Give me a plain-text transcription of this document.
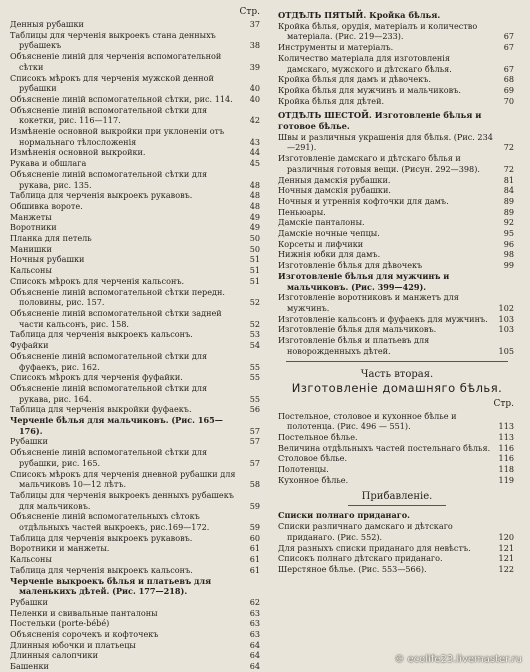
Стр.
Денныя рубашки	37
Таблицы для черченія выкроекъ стана денныхъ рубашекъ	38
Объясненіе линій для черченія вспомогательной сѣтки	39
Списокъ мѣрокъ для черченія мужской денной рубашки	40
Объясненіе линій вспомогательной сѣтки, рис. 114.	40
Объясненіе линій вспомогательной сѣтки для кокетки, рис. 116—117.	42
Измѣненіе основной выкройки при уклоненіи отъ нормальнаго тѣлосложенія	43
Измѣненія основной выкройки.	44
Рукава и обшлага	45
Объясненіе линій вспомогательной сѣтки для рукава, рис. 135.	48
Таблица для черченія выкроекъ рукавовъ.	48
Обшивка вороте.	48
Манжеты	49
Воротники	49
Планка для петель	50
Манишки	50
Ночныя рубашки	51
Кальсоны	51
Списокъ мѣрокъ для черченія кальсонъ.	51
Объясненіе линій вспомогательной сѣтки передн. половины, рис. 157.	52
Объясненіе линій вспомогательной сѣтки задней части кальсонъ, рис. 158.	52
Таблица для черченія выкроекъ кальсонъ.	53
Фуфайки	54
Объясненіе линій вспомогательной сѣтки для фуфаекъ, рис. 162.	55
Списокъ мѣрокъ для черченія фуфайки.	55
Объясненіе линій вспомогательной сѣтки для рукава, рис. 164.	55
Таблица для черченія выкройки фуфаекъ.	56
Черченіе бѣлья для мальчиковъ. (Рис. 165—176).	57
Рубашки	57
Объясненіе линій вспомогательной сѣтки для рубашки, рис. 165.	57
Списокъ мѣрокъ для черченія дневной рубашки для мальчиковъ 10—12 лѣтъ.	58
Таблицы для черченія выкроекъ денныхъ рубашекъ для мальчиковъ.	59
Объясненіе линій вспомогательныхъ сѣтокъ отдѣльныхъ частей выкроекъ, рис.169—172.	59
Таблица для черченія выкроекъ рукавовъ.	60
Воротники и манжеты.	61
Кальсоны	61
Таблица для черченія выкроекъ кальсонъ.	61
Черченіе выкроекъ бѣлья и платьевъ для маленькихъ дѣтей. (Рис. 177—218).
Рубашки	62
Пеленки и свивальные панталоны	63
Постельки (porte-bébé)	63
Объясненія сорочекъ и кофточекъ	63
Длинныя юбочки и платьецы	64
Длинныя салопчики	64
Башенки	64
ОТДѢЛЪ ПЯТЫЙ. Кройка бѣлья.
Кройка бѣлья, орудія, матеріалъ и количество матеріала. (Рис. 219—233).	67
Инструменты и матеріалъ.	67
Количество матеріала для изготовленія дамскаго, мужского и дѣтскаго бѣлья.	67
Кройка бѣлья для дамъ и дѣвочекъ.	68
Кройка бѣлья для мужчинъ и мальчиковъ.	69
Кройка бѣлья для дѣтей.	70
ОТДѢЛЪ ШЕСТОЙ. Изготовленіе бѣлья и готовое бѣлье.
Швы и различныя украшенія для бѣлья. (Рис. 234—291).	72
Изготовленіе дамскаго и дѣтскаго бѣлья и различныя готовыя вещи. (Рисун. 292—398).	72
Денныя дамскія рубашки.	81
Ночныя дамскія рубашки.	84
Ночныя и утреннія кофточки для дамъ.	89
Пеньюары.	89
Дамскіе панталоны.	92
Дамскіе ночные чепцы.	95
Корсеты и лифчики	96
Нижнія юбки для дамъ.	98
Изготовленіе бѣлья для дѣвочекъ	99
Изготовленіе бѣлья для мужчинъ и мальчиковъ. (Рис. 399—429).
Изготовленіе воротниковъ и манжетъ для мужчинъ.	102
Изготовленіе кальсонъ и фуфаекъ для мужчинъ.	103
Изготовленіе бѣлья для мальчиковъ.	103
Изготовленіе бѣлья и платьевъ для новорожденныхъ дѣтей.	105
Часть вторая.
Изготовленіе домашняго бѣлья.
Стр.
Постельное, столовое и кухонное бѣлье и полотенца. (Рис. 496 — 551).	113
Постельное бѣлье.	113
Величина отдѣльныхъ частей постельнаго бѣлья.	116
Столовое бѣлье.	116
Полотенцы.	118
Кухонное бѣлье.	119
Прибавленіе.
Списки полнаго приданаго.
Списки различнаго дамскаго и дѣтскаго приданаго. (Рис. 552).	120
Для разныхъ списки приданаго для невѣстъ.	121
Списокъ полнаго дѣтскаго приданаго.	121
Шерстяное бѣлье. (Рис. 553—566).	122
© ecolife23.livemaster.ru
